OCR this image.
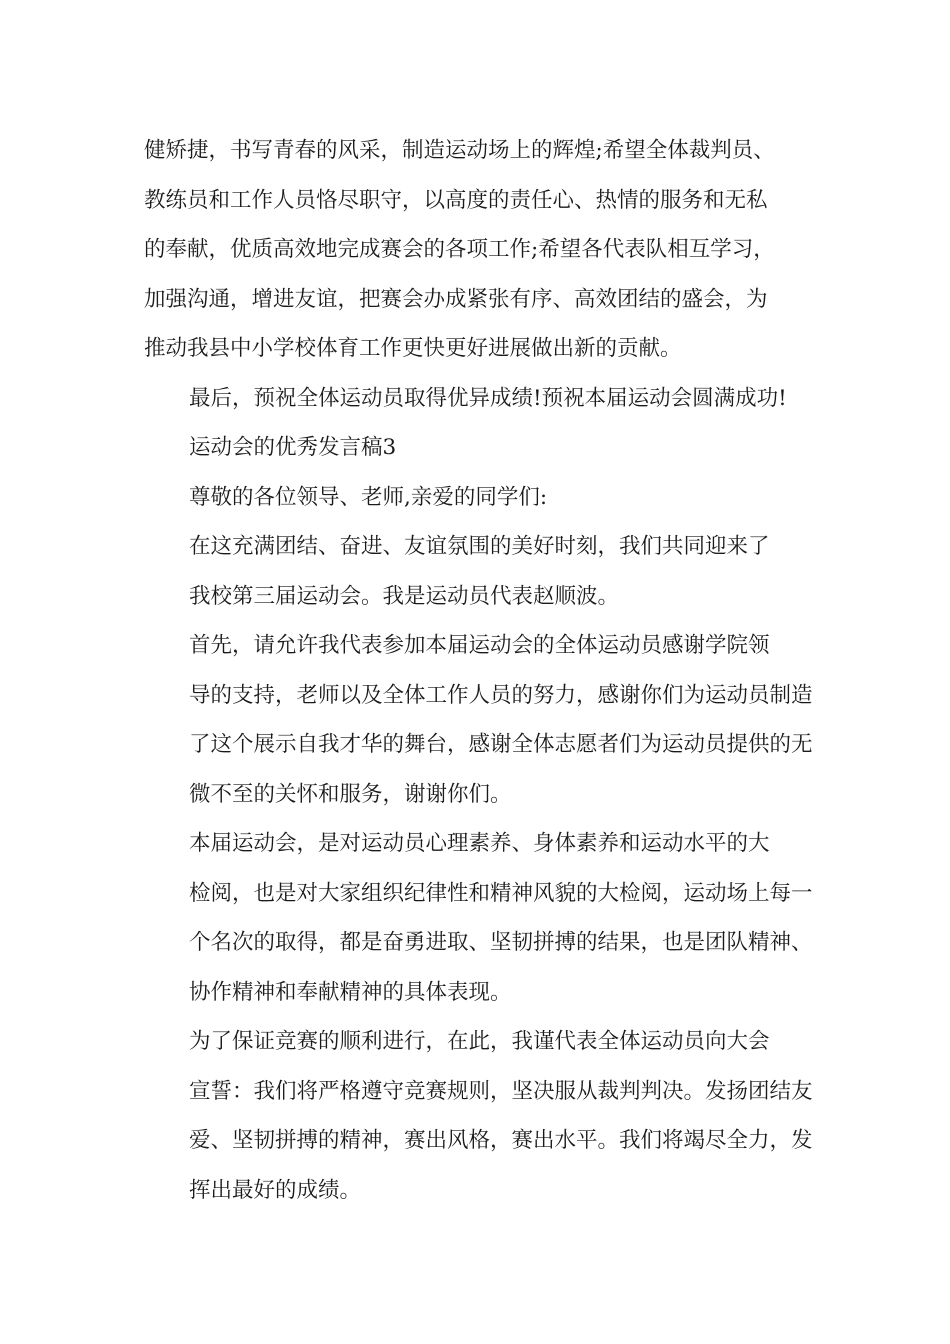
健矫捷，书写青春的风采，制造运动场上的辉煌;希望全体裁判员、
教练员和工作人员恪尽职守，以高度的责任心、热情的服务和无私
的奉献，优质高效地完成赛会的各项工作;希望各代表队相互学习，
加强沟通，增进友谊，把赛会办成紧张有序、高效团结的盛会，为
推动我县中小学校体育工作更快更好进展做出新的贡献。
最后，预祝全体运动员取得优异成绩!预祝本届运动会圆满成功!
运动会的优秀发言稿3
尊敬的各位领导、老师,亲爱的同学们:
在这充满团结、奋进、友谊氛围的美好时刻，我们共同迎来了
我校第三届运动会。我是运动员代表赵顺波。
首先，请允许我代表参加本届运动会的全体运动员感谢学院领
导的支持，老师以及全体工作人员的努力，感谢你们为运动员制造
了这个展示自我才华的舞台，感谢全体志愿者们为运动员提供的无
微不至的关怀和服务，谢谢你们。
本届运动会，是对运动员心理素养、身体素养和运动水平的大
检阅，也是对大家组织纪律性和精神风貌的大检阅，运动场上每一
个名次的取得，都是奋勇进取、坚韧拼搏的结果，也是团队精神、
协作精神和奉献精神的具体表现。
为了保证竞赛的顺利进行，在此，我谨代表全体运动员向大会
宣誓：我们将严格遵守竞赛规则，坚决服从裁判判决。发扬团结友
爱、坚韧拼搏的精神，赛出风格，赛出水平。我们将竭尽全力，发
挥出最好的成绩。
